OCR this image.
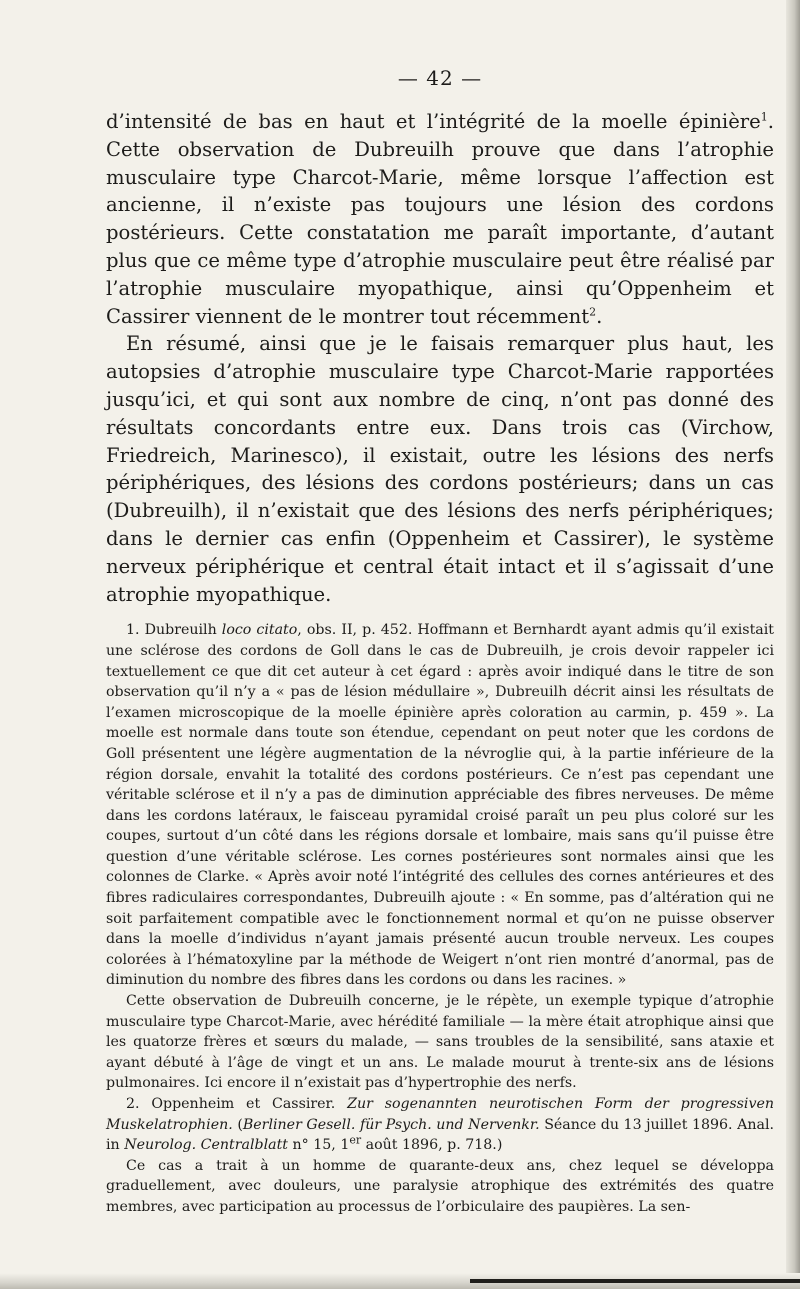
— 42 —

d’intensité de bas en haut et l’intégrité de la moelle épinière$^1$. Cette observation de Dubreuilh prouve que dans l’atrophie musculaire type Charcot-Marie, même lorsque l’affection est ancienne, il n’existe pas toujours une lésion des cordons postérieurs. Cette constatation me paraît importante, d’autant plus que ce même type d’atrophie musculaire peut être réalisé par l’atrophie musculaire myopathique, ainsi qu’Oppenheim et Cassirer viennent de le montrer tout récemment$^2$.

En résumé, ainsi que je le faisais remarquer plus haut, les autopsies d’atrophie musculaire type Charcot-Marie rapportées jusqu’ici, et qui sont aux nombre de cinq, n’ont pas donné des résultats concordants entre eux. Dans trois cas (Virchow, Friedreich, Marinesco), il existait, outre les lésions des nerfs périphériques, des lésions des cordons postérieurs; dans un cas (Dubreuilh), il n’existait que des lésions des nerfs périphériques; dans le dernier cas enfin (Oppenheim et Cassirer), le système nerveux périphérique et central était intact et il s’agissait d’une atrophie myopathique.

1. Dubreuilh loco citato, obs. II, p. 452. Hoffmann et Bernhardt ayant admis qu’il existait une sclérose des cordons de Goll dans le cas de Dubreuilh, je crois devoir rappeler ici textuellement ce que dit cet auteur à cet égard : après avoir indiqué dans le titre de son observation qu’il n’y a « pas de lésion médullaire », Dubreuilh décrit ainsi les résultats de l’examen microscopique de la moelle épinière après coloration au carmin, p. 459 ». La moelle est normale dans toute son étendue, cependant on peut noter que les cordons de Goll présentent une légère augmentation de la névroglie qui, à la partie inférieure de la région dorsale, envahit la totalité des cordons postérieurs. Ce n’est pas cependant une véritable sclérose et il n’y a pas de diminution appréciable des fibres nerveuses. De même dans les cordons latéraux, le faisceau pyramidal croisé paraît un peu plus coloré sur les coupes, surtout d’un côté dans les régions dorsale et lombaire, mais sans qu’il puisse être question d’une véritable sclérose. Les cornes postérieures sont normales ainsi que les colonnes de Clarke. « Après avoir noté l’intégrité des cellules des cornes antérieures et des fibres radiculaires correspondantes, Dubreuilh ajoute : « En somme, pas d’altération qui ne soit parfaitement compatible avec le fonctionnement normal et qu’on ne puisse observer dans la moelle d’individus n’ayant jamais présenté aucun trouble nerveux. Les coupes colorées à l’hématoxyline par la méthode de Weigert n’ont rien montré d’anormal, pas de diminution du nombre des fibres dans les cordons ou dans les racines. »

Cette observation de Dubreuilh concerne, je le répète, un exemple typique d’atrophie musculaire type Charcot-Marie, avec hérédité familiale — la mère était atrophique ainsi que les quatorze frères et sœurs du malade, — sans troubles de la sensibilité, sans ataxie et ayant débuté à l’âge de vingt et un ans. Le malade mourut à trente-six ans de lésions pulmonaires. Ici encore il n’existait pas d’hypertrophie des nerfs.

2. Oppenheim et Cassirer. Zur sogenannten neurotischen Form der progressiven Muskelatrophien. (Berliner Gesell. für Psych. und Nervenkr. Séance du 13 juillet 1896. Anal. in Neurolog. Centralblatt n° 15, 1er août 1896, p. 718.)

Ce cas a trait à un homme de quarante-deux ans, chez lequel se développa graduellement, avec douleurs, une paralysie atrophique des extrémités des quatre membres, avec participation au processus de l’orbiculaire des paupières. La sen-
